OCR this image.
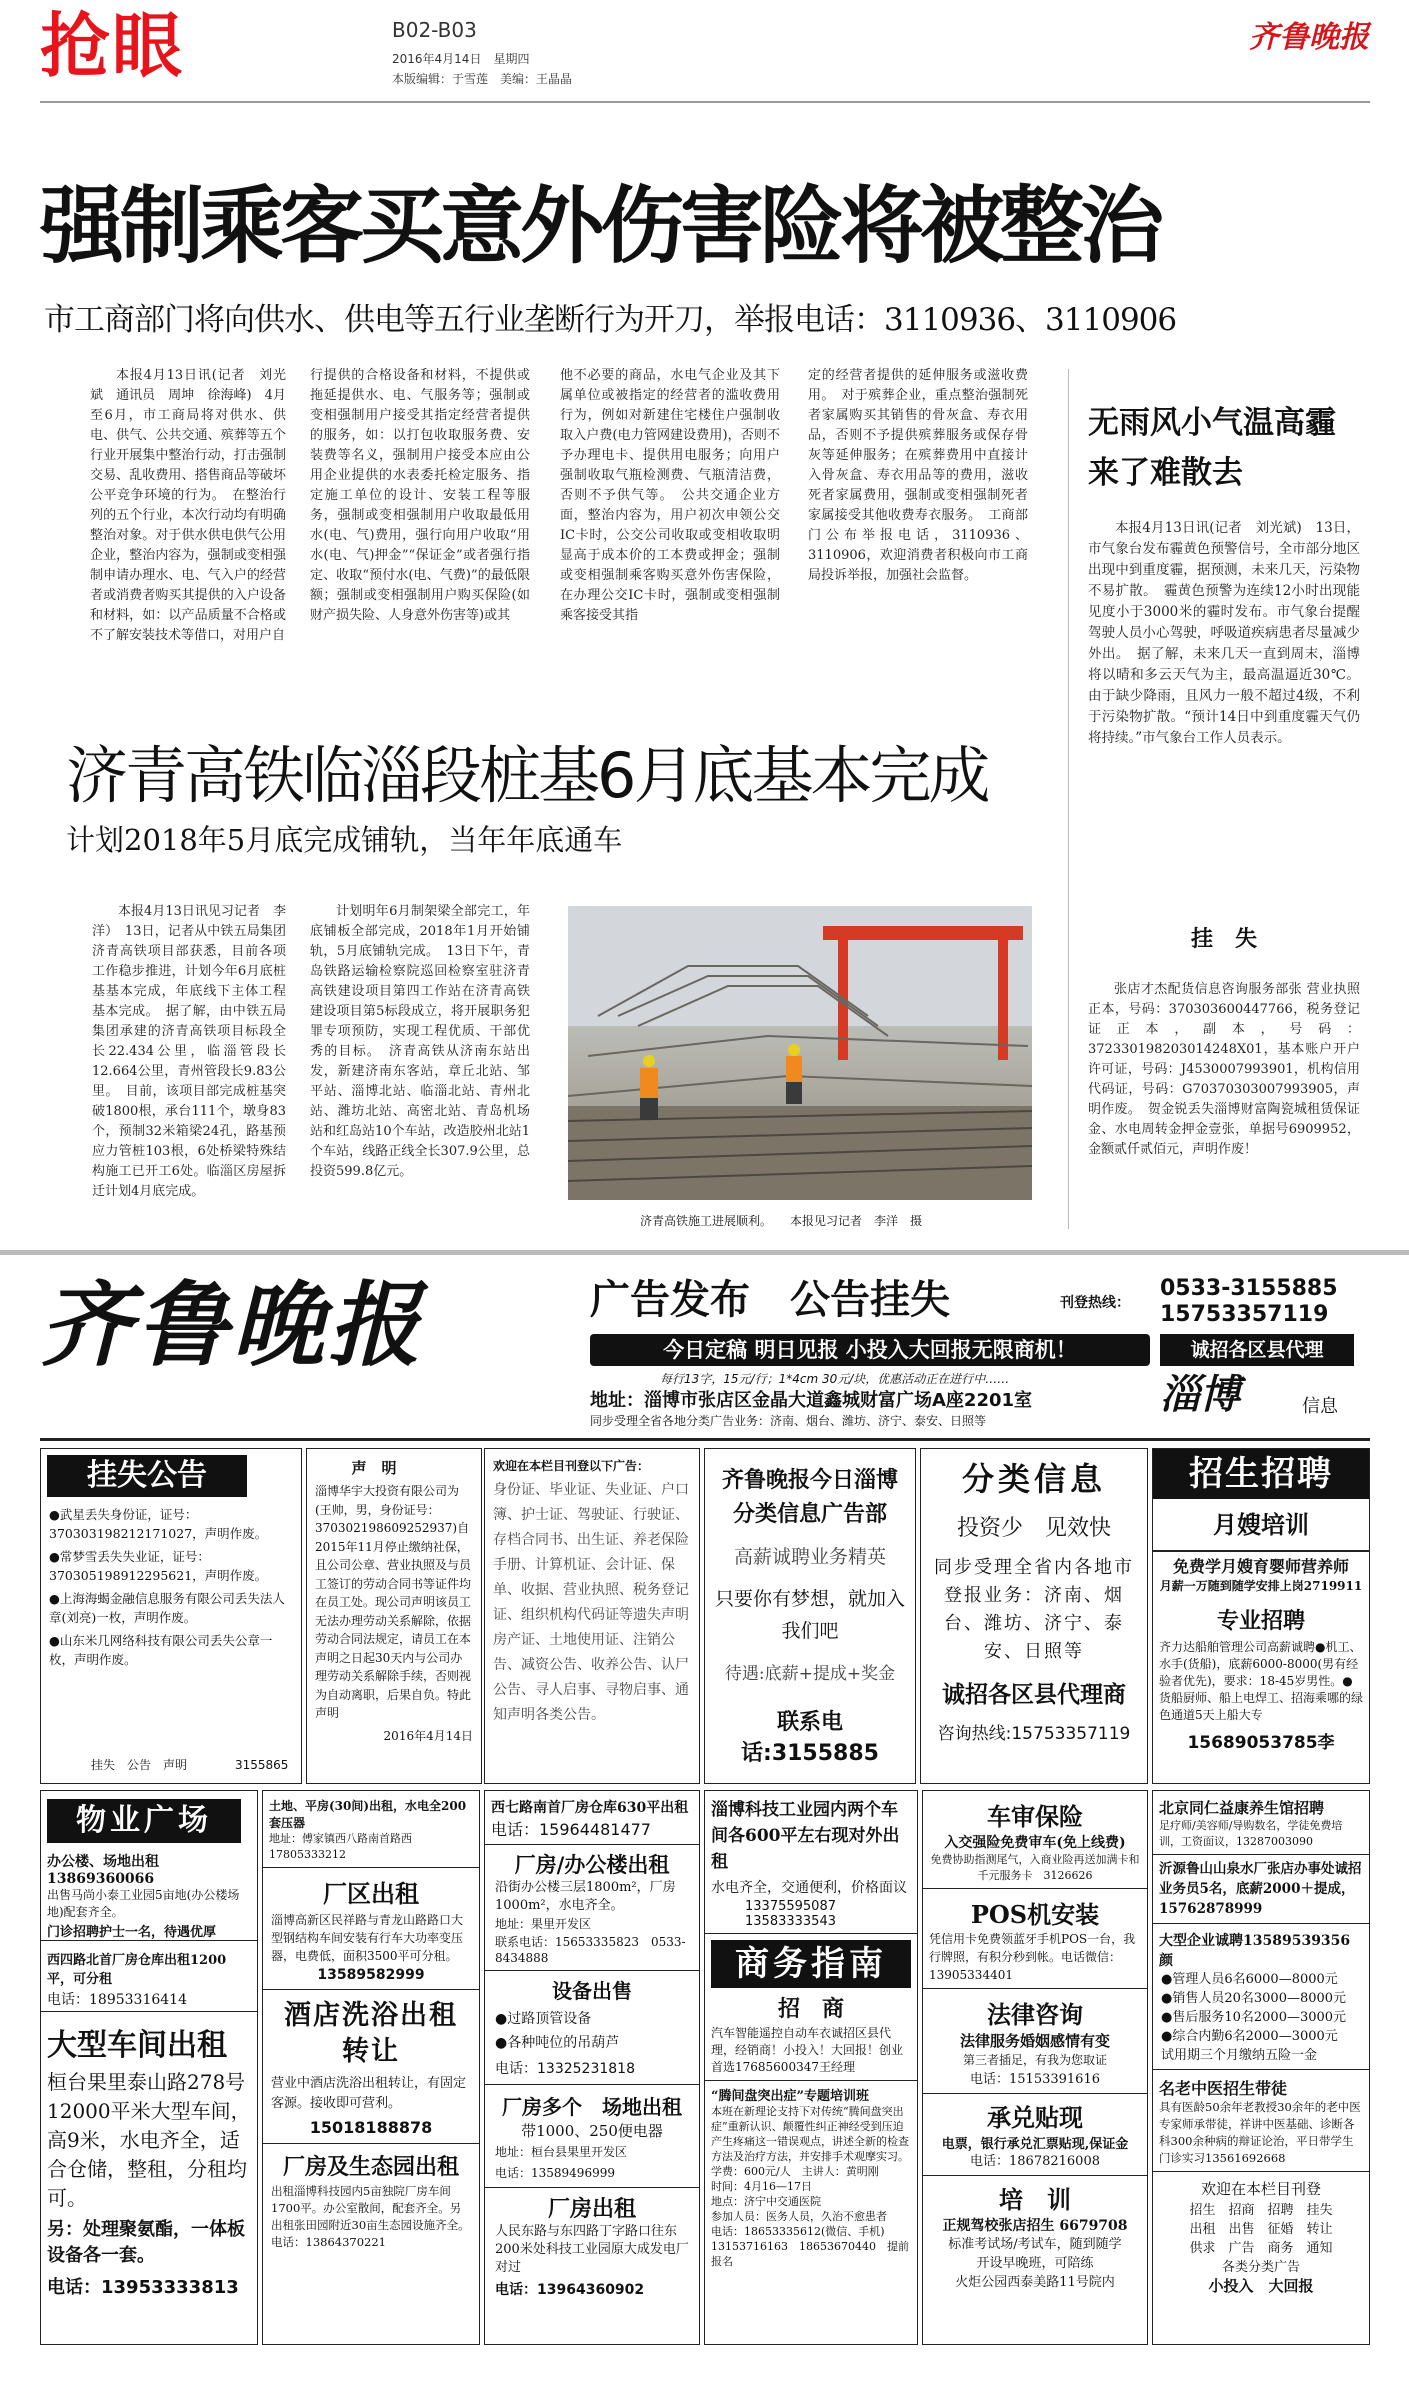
抢眼	B02-B03
2016年4月14日　星期四
本版编辑：于雪莲　美编：王晶晶
齐鲁晚报
强制乘客买意外伤害险将被整治
市工商部门将向供水、供电等五行业垄断行为开刀，举报电话：3110936、3110906

本报4月13日讯(记者　刘光斌　通讯员　周坤　徐海峰)　4月至6月，市工商局将对供水、供电、供气、公共交通、殡葬等五个行业开展集中整治行动，打击强制交易、乱收费用、搭售商品等破坏公平竞争环境的行为。　在整治行列的五个行业，本次行动均有明确整治对象。对于供水供电供气公用企业，整治内容为，强制或变相强制申请办理水、电、气入户的经营者或消费者购买其提供的入户设备和材料，如：以产品质量不合格或不了解安装技术等借口，对用户自

行提供的合格设备和材料，不提供或拖延提供水、电、气服务等；强制或变相强制用户接受其指定经营者提供的服务，如：以打包收取服务费、安装费等名义，强制用户接受本应由公用企业提供的水表委托检定服务、指定施工单位的设计、安装工程等服务，强制或变相强制用户收取最低用水(电、气)费用，强行向用户收取“用水(电、气)押金”“保证金”或者强行指定、收取“预付水(电、气费)”的最低限额；强制或变相强制用户购买保险(如财产损失险、人身意外伤害等)或其

他不必要的商品，水电气企业及其下属单位或被指定的经营者的滥收费用行为，例如对新建住宅楼住户强制收取入户费(电力管网建设费用)，否则不予办理电卡、提供用电服务；向用户强制收取气瓶检测费、气瓶清洁费，否则不予供气等。　公共交通企业方面，整治内容为，用户初次申领公交IC卡时，公交公司收取或变相收取明显高于成本价的工本费或押金；强制或变相强制乘客购买意外伤害保险，在办理公交IC卡时，强制或变相强制乘客接受其指

定的经营者提供的延伸服务或滋收费用。　对于殡葬企业，重点整治强制死者家属购买其销售的骨灰盒、寿衣用品，否则不予提供殡葬服务或保存骨灰等延伸服务；在殡葬费用中直接计入骨灰盒、寿衣用品等的费用，滋收死者家属费用，强制或变相强制死者家属接受其他收费寿衣服务。　工商部门公布举报电话，3110936、3110906，欢迎消费者积极向市工商局投诉举报，加强社会监督。

无雨风小气温高霾来了难散去

本报4月13日讯(记者　刘光斌)　13日，市气象台发布霾黄色预警信号，全市部分地区出现中到重度霾，据预测，未来几天，污染物不易扩散。　霾黄色预警为连续12小时出现能见度小于3000米的霾时发布。市气象台提醒驾驶人员小心驾驶，呼吸道疾病患者尽量减少外出。　据了解，未来几天一直到周末，淄博将以晴和多云天气为主，最高温逼近30℃。由于缺少降雨，且风力一般不超过4级，不利于污染物扩散。“预计14日中到重度霾天气仍将持续。”市气象台工作人员表示。

挂　失

张店才杰配货信息咨询服务部张 营业执照正本，号码：370303600447766，税务登记证正本，副本，号码：372330198203014248X01，基本账户开户许可证，号码：J4530007993901，机构信用代码证，号码：G70370303007993905，声明作废。　贺金锐丢失淄博财富陶瓷城租赁保证金、水电周转金押金壹张，单据号6909952，金额贰仟贰佰元，声明作废！

济青高铁临淄段桩基6月底基本完成
计划2018年5月底完成铺轨，当年年底通车

本报4月13日讯见习记者　李洋）　13日，记者从中铁五局集团济青高铁项目部获悉，目前各项工作稳步推进，计划今年6月底桩基基本完成，年底线下主体工程基本完成。　据了解，由中铁五局集团承建的济青高铁项目标段全长22.434公里，临淄管段长12.664公里，青州管段长9.83公里。　目前，该项目部完成桩基突破1800根，承台111个，墩身83个，预制32米箱梁24孔，路基预应力管桩103根，6处桥梁特殊结构施工已开工6处。临淄区房屋拆迁计划4月底完成。

计划明年6月制架梁全部完工，年底铺板全部完成，2018年1月开始铺轨，5月底铺轨完成。　13日下午，青岛铁路运输检察院巡回检察室驻济青高铁建设项目第四工作站在济青高铁建设项目第5标段成立，将开展职务犯罪专项预防，实现工程优质、干部优秀的目标。　济青高铁从济南东站出发，新建济南东客站，章丘北站、邹平站、淄博北站、临淄北站、青州北站、潍坊北站、高密北站、青岛机场站和红岛站10个车站，改造胶州北站1个车站，线路正线全长307.9公里，总投资599.8亿元。

济青高铁施工进展顺利。　　本报见习记者　李洋　摄
齐鲁晚报	广告发布　公告挂失	刊登热线：
0533-3155885
15753357119
今日定稿 明日见报 小投入大回报无限商机！	诚招各区县代理
每行13字，15元/行；1*4cm 30元/块，优惠活动正在进行中……
地址：淄博市张店区金晶大道鑫城财富广场A座2201室
同步受理全省各地分类广告业务：济南、烟台、潍坊、济宁、泰安、日照等
淄博	信息
挂失公告
●武星丢失身份证，证号：370303198212171027，声明作废。
●常梦雪丢失失业证，证号：370305198912295621，声明作废。
●上海海蝎金融信息服务有限公司丢失法人章(刘亮)一枚，声明作废。
●山东米几网络科技有限公司丢失公章一枚，声明作废。
挂失　公告　声明　　　　3155865
声　明
淄博华宇大投资有限公司为(王帅，男，身份证号：370302198609252937)自2015年11月停止缴纳社保，且公司公章、营业执照及与员工签订的劳动合同书等证件均在员工处。现公司声明该员工无法办理劳动关系解除，依据劳动合同法规定，请员工在本声明之日起30天内与公司办理劳动关系解除手续，否则视为自动离职，后果自负。特此声明
2016年4月14日
欢迎在本栏目刊登以下广告：
身份证、毕业证、失业证、户口簿、护士证、驾驶证、行驶证、存档合同书、出生证、养老保险手册、计算机证、会计证、保单、收据、营业执照、税务登记证、组织机构代码证等遗失声明　房产证、土地使用证、注销公告、减资公告、收养公告、认尸公告、寻人启事、寻物启事、通知声明各类公告。
齐鲁晚报今日淄博分类信息广告部
高薪诚聘业务精英
只要你有梦想，就加入我们吧
待遇:底薪+提成+奖金
联系电话:3155885
分类信息
投资少　见效快
同步受理全省内各地市登报业务：济南、烟台、潍坊、济宁、泰安、日照等
诚招各区县代理商
咨询热线:15753357119
招生招聘
月嫂培训
免费学月嫂育婴师营养师
月薪一万随到随学安排上岗2719911
专业招聘
齐力达船舶管理公司高薪诚聘●机工、水手(货船)，底薪6000-8000(男有经验者优先)，要求：18-45岁男性。●货船厨师、船上电焊工、招海乘哪的绿色通道5天上船大专
15689053785李
物业广场
办公楼、场地出租13869360066
出售马尚小泰工业园5亩地(办公楼场地)配套齐全。
门诊招聘护士一名，待遇优厚
西四路北首厂房仓库出租1200平，可分租
电话：18953316414
大型车间出租
桓台果里泰山路278号12000平米大型车间，高9米，水电齐全，适合仓储，整租，分租均可。
另：处理聚氨酯，一体板设备各一套。
电话：13953333813
土地、平房(30间)出租，水电全200套压器
地址：傅家镇西八路南首路西17805333212
厂区出租
淄博高新区民祥路与青龙山路路口大型钢结构车间安装有行车大功率变压器，电费低，面积3500平可分租。
13589582999
酒店洗浴出租转让
营业中酒店洗浴出租转让，有固定客源。接收即可营利。
15018188878
厂房及生态园出租
出租淄博科技园内5亩独院厂房车间1700平。办公室散间，配套齐全。另出租张田园附近30亩生态园设施齐全。电话：13864370221
西七路南首厂房仓库630平出租
电话：15964481477
厂房/办公楼出租
沿街办公楼三层1800m²，厂房1000m²，水电齐全。
地址：果里开发区
联系电话：15653335823　0533-8434888
设备出售
●过路顶管设备
●各种吨位的吊葫芦
电话：13325231818
厂房多个　场地出租
带1000、250便电器
地址：桓台县果里开发区
电话：13589496999
厂房出租
人民东路与东四路丁字路口往东200米处科技工业园原大成发电厂对过
电话：13964360902
淄博科技工业园内两个车间各600平左右现对外出租
水电齐全，交通便利，价格面议
13375595087
13583333543
商务指南
招　商
汽车智能遥控自动车衣诚招区县代理，经销商！小投入！大回报！创业首选17685600347王经理
“腾间盘突出症”专题培训班
本班在新理论支持下对传统“腾间盘突出症”重新认识、颠覆性纠正神经受到压迫产生疼痛这一错误观点，讲述全新的检查方法及治疗方法，并安排手术观摩实习。
学费：600元/人　主讲人：黄明刚
时间：4月16—17日
地点：济宁中交通医院
参加人员：医务人员，久治不愈患者
电话：18653335612(微信、手机)　13153716163　18653670440　提前报名
车审保险
入交强险免费审车(免上线费)
免费协助指测尾气，入商业险再送加满卡和千元服务卡　3126626
POS机安装
凭信用卡免费领蓝牙手机POS一台，我行牌照，有积分秒到帐。电话微信：13905334401
法律咨询
法律服务婚姻感情有变
第三者插足，有我为您取证
电话：15153391616
承兑贴现
电票，银行承兑汇票贴现,保证金
电话：18678216008
培　训
正规驾校张店招生 6679708
标准考试场/考试车，随到随学
开设早晚班，可陪练
火炬公园西泰美路11号院内
北京同仁益康养生馆招聘
足疗师/美容师/导购数名，学徒免费培训，工资面议，13287003090
沂源鲁山山泉水厂张店办事处诚招业务员5名，底薪2000＋提成，15762878999
大型企业诚聘13589539356颜
●管理人员6名6000—8000元
●销售人员20名3000—8000元
●售后服务10名2000—3000元
●综合内勤6名2000—3000元
试用期三个月缴纳五险一金
名老中医招生带徒
具有医龄50余年老教授30余年的老中医专家师承带徒，祥讲中医基础、诊断各科300余种病的辩证论治，平日带学生门诊实习13561692668
欢迎在本栏目刊登
招生　招商　招聘　挂失
出租　出售　征婚　转让
供求　广告　商务　通知
各类分类广告
小投入　大回报
